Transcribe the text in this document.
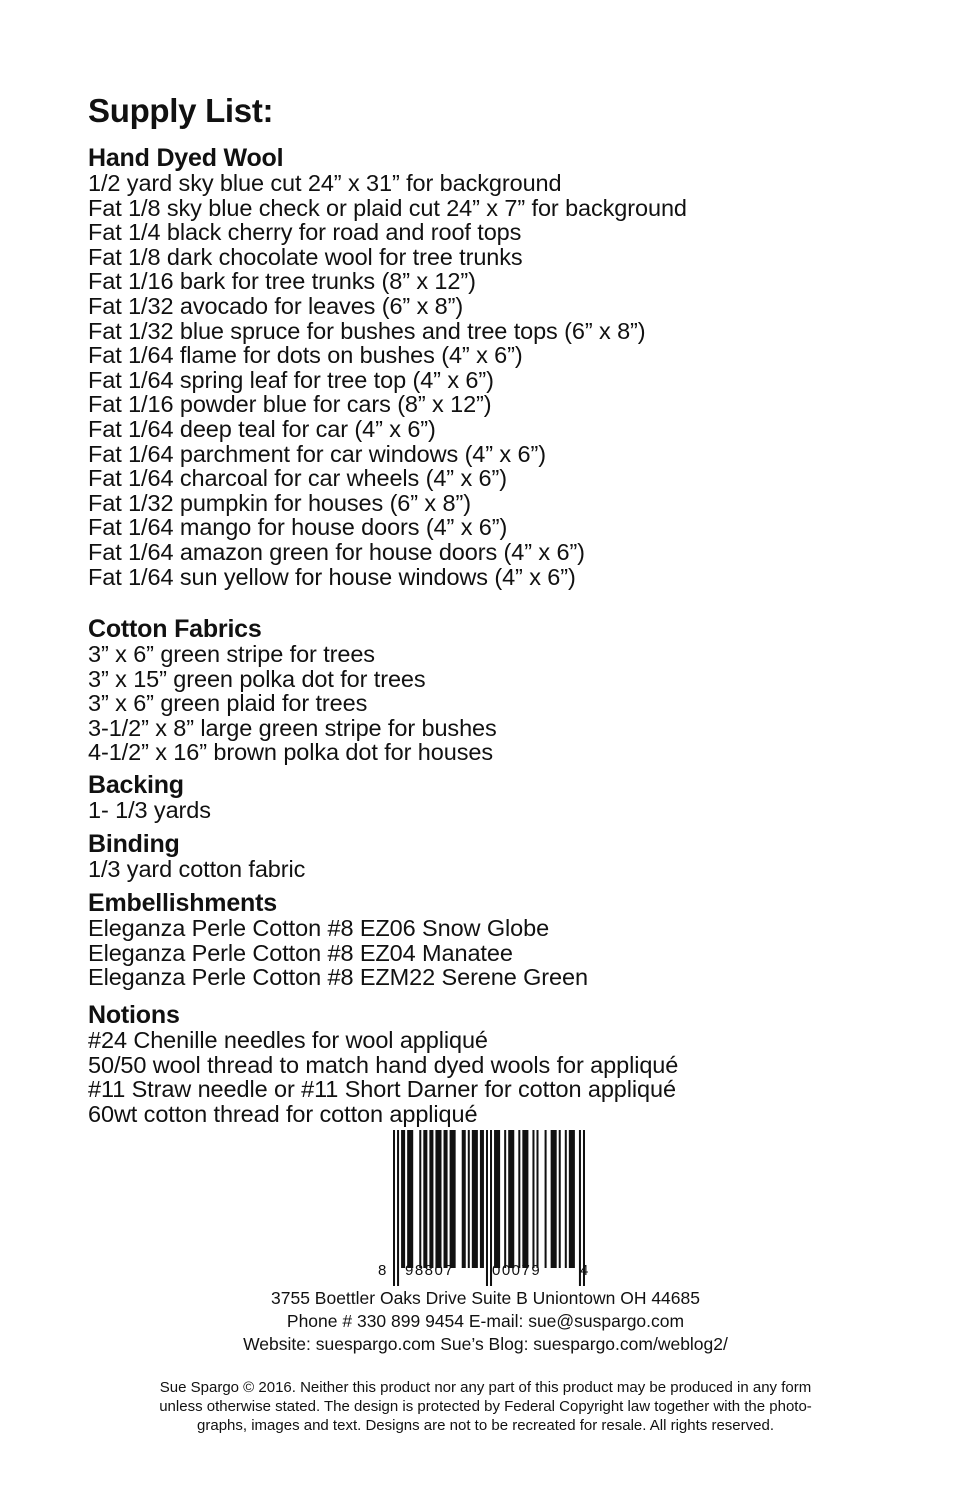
Supply List:
Hand Dyed Wool
1/2 yard sky blue cut 24” x 31” for background
Fat 1/8 sky blue check or plaid cut 24” x 7” for background
Fat 1/4 black cherry for road and roof tops
Fat 1/8 dark chocolate wool for tree trunks
Fat 1/16 bark for tree trunks (8” x 12”)
Fat 1/32 avocado for leaves (6” x 8”)
Fat 1/32 blue spruce for bushes and tree tops (6” x 8”)
Fat 1/64 flame for dots on bushes (4” x 6”)
Fat 1/64 spring leaf for tree top (4” x 6”)
Fat 1/16 powder blue for cars (8” x 12”)
Fat 1/64 deep teal for car (4” x 6”)
Fat 1/64 parchment for car windows (4” x 6”)
Fat 1/64 charcoal for car wheels (4” x 6”)
Fat 1/32 pumpkin for houses (6” x 8”)
Fat 1/64 mango for house doors (4” x 6”)
Fat 1/64 amazon green for house doors (4” x 6”)
Fat 1/64 sun yellow for house windows (4” x 6”)
Cotton Fabrics
3” x 6” green stripe for trees
3” x 15” green polka dot for trees
3” x 6” green plaid for trees
3-1/2” x 8” large green stripe for bushes
4-1/2” x 16” brown polka dot for houses
Backing
1- 1/3 yards
Binding
1/3 yard cotton fabric
Embellishments
Eleganza Perle Cotton #8 EZ06 Snow Globe
Eleganza Perle Cotton #8 EZ04 Manatee
Eleganza Perle Cotton #8 EZM22 Serene Green
Notions
#24 Chenille needles for wool appliqué
50/50 wool thread to match hand dyed wools for appliqué
#11 Straw needle or #11 Short Darner for cotton appliqué
60wt cotton thread for cotton appliqué
8 98807	00079	4
3755 Boettler Oaks Drive Suite B Uniontown OH 44685
Phone # 330 899 9454 E-mail: sue@suspargo.com
Website: suespargo.com Sue’s Blog: suespargo.com/weblog2/
Sue Spargo © 2016. Neither this product nor any part of this product may be produced in any form
unless otherwise stated. The design is protected by Federal Copyright law together with the photo-
graphs, images and text. Designs are not to be recreated for resale. All rights reserved.
